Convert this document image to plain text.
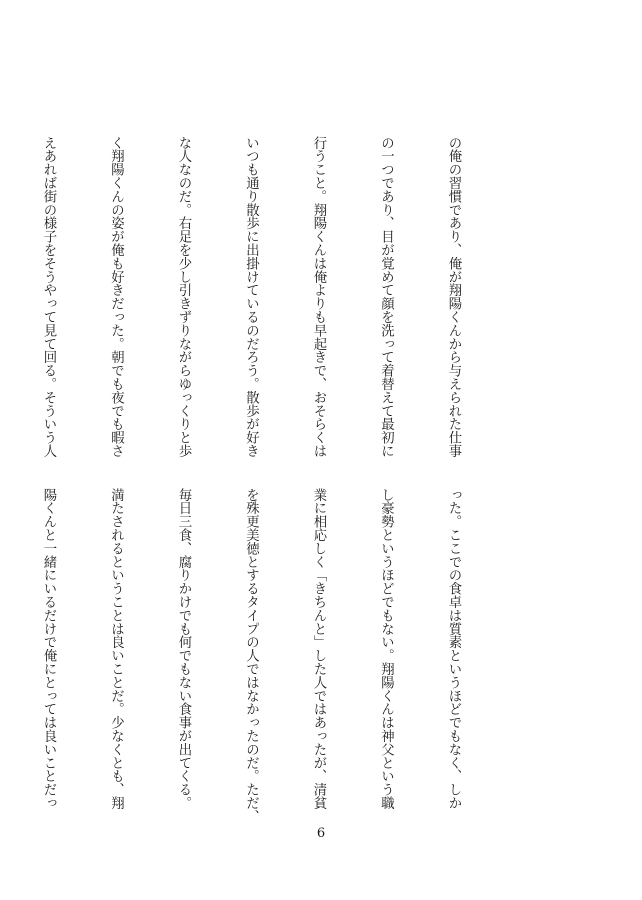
の俺の習慣であり、俺が翔陽くんから与えられた仕事

の一つであり、目が覚めて顔を洗って着替えて最初に

行うこと。翔陽くんは俺よりも早起きで、おそらくは

いつも通り散歩に出掛けているのだろう。散歩が好き

な人なのだ。右足を少し引きずりながらゆっくりと歩

く翔陽くんの姿が俺も好きだった。朝でも夜でも暇さ

えあれば街の様子をそうやって見て回る。そういう人

った。ここでの食卓は質素というほどでもなく、しか

し豪勢というほどでもない。翔陽くんは神父という職

業に相応しく「きちんと」した人ではあったが、清貧

を殊更美徳とするタイプの人ではなかったのだ。ただ、

毎日三食、腐りかけでも何でもない食事が出てくる。

満たされるということは良いことだ。少なくとも、翔

陽くんと一緒にいるだけで俺にとっては良いことだっ

6
